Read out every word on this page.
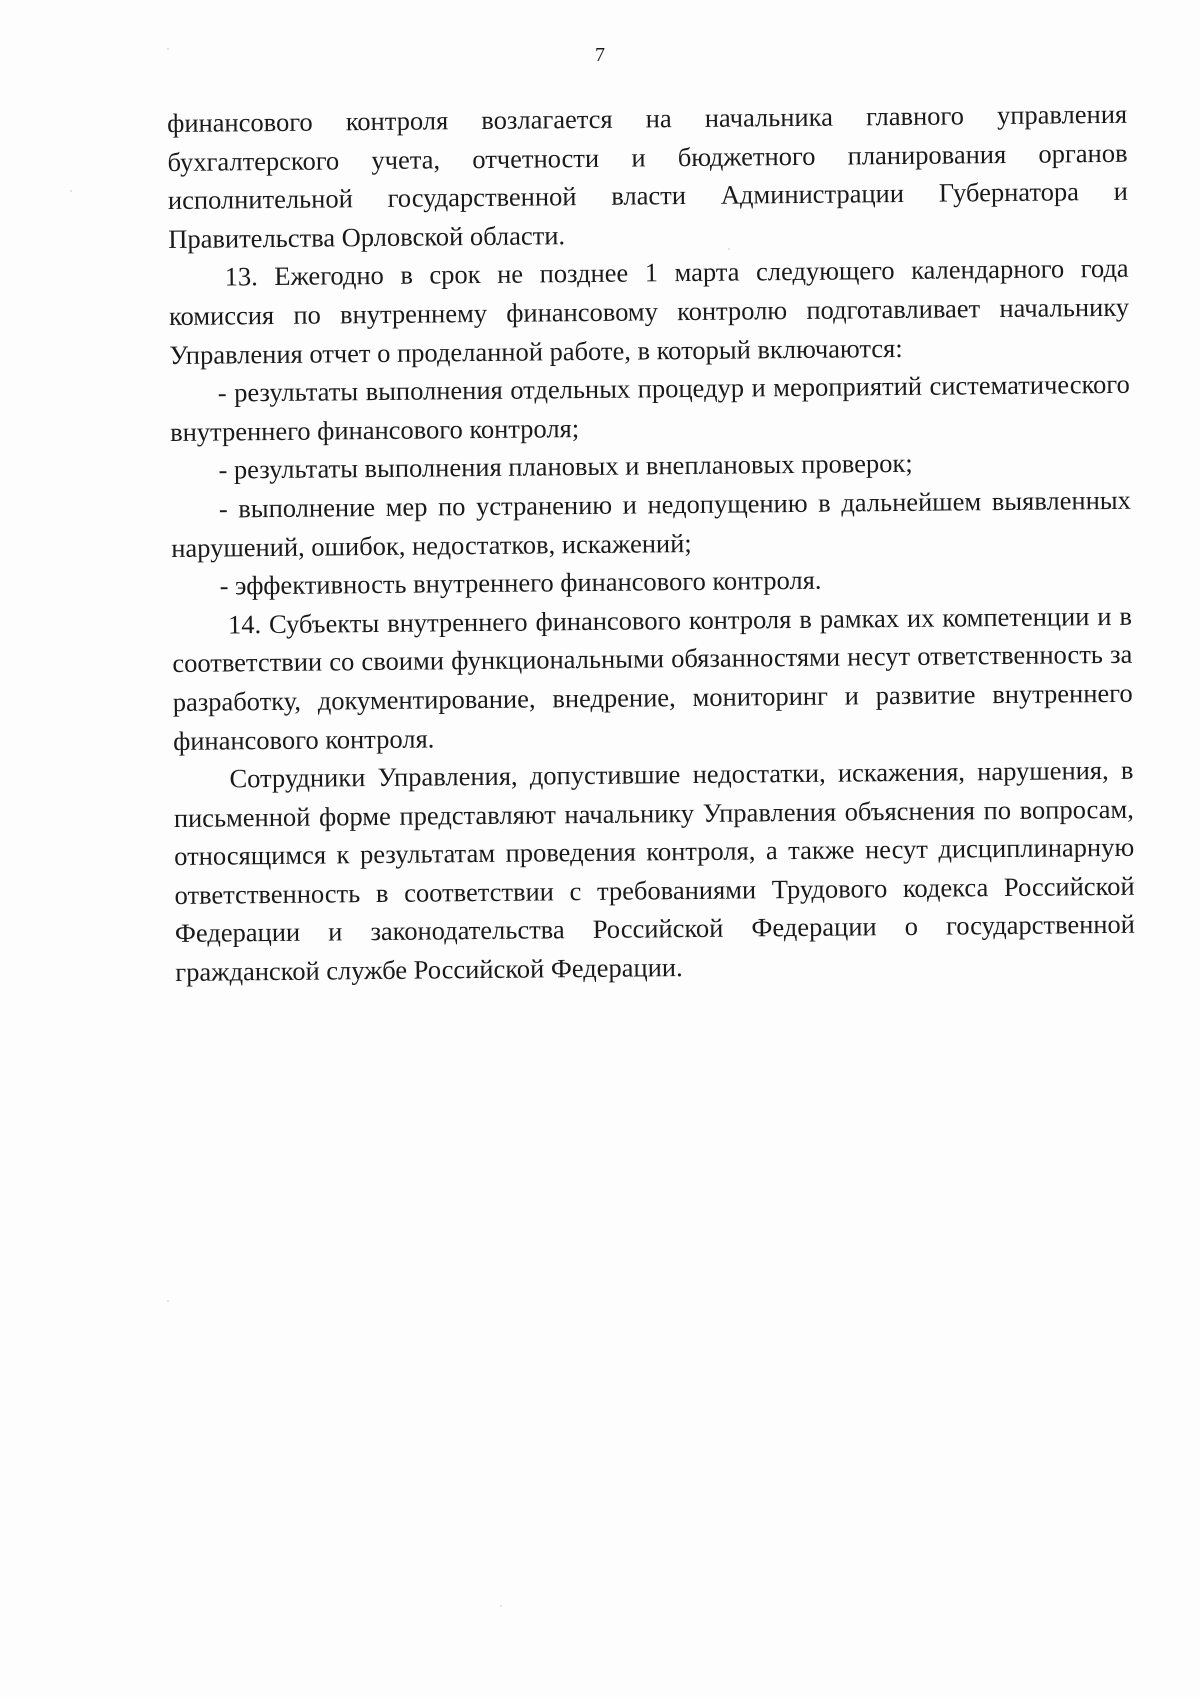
7

финансового контроля возлагается на начальника главного управления бухгалтерского учета, отчетности и бюджетного планирования органов исполнительной государственной власти Администрации Губернатора и Правительства Орловской области.

13. Ежегодно в срок не позднее 1 марта следующего календарного года комиссия по внутреннему финансовому контролю подготавливает начальнику Управления отчет о проделанной работе, в который включаются:

- результаты выполнения отдельных процедур и мероприятий систематического внутреннего финансового контроля;

- результаты выполнения плановых и внеплановых проверок;

- выполнение мер по устранению и недопущению в дальнейшем выявленных нарушений, ошибок, недостатков, искажений;

- эффективность внутреннего финансового контроля.

14. Субъекты внутреннего финансового контроля в рамках их компетенции и в соответствии со своими функциональными обязанностями несут ответственность за разработку, документирование, внедрение, мониторинг и развитие внутреннего финансового контроля.

Сотрудники Управления, допустившие недостатки, искажения, нарушения, в письменной форме представляют начальнику Управления объяснения по вопросам, относящимся к результатам проведения контроля, а также несут дисциплинарную ответственность в соответствии с требованиями Трудового кодекса Российской Федерации и законодательства Российской Федерации о государственной гражданской службе Российской Федерации.
